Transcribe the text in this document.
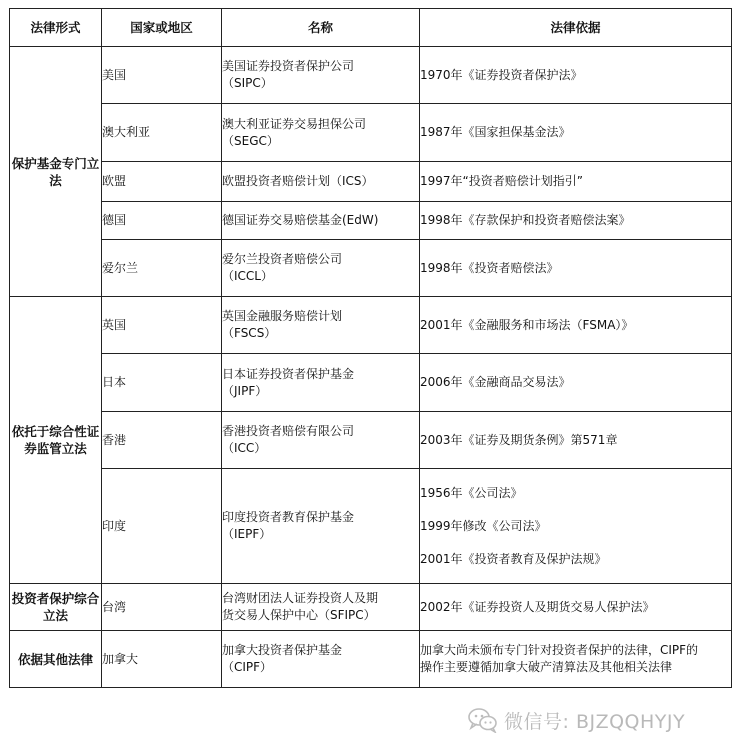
法律形式	国家或地区	名称	法律依据
保护基金专门立法	美国	美国证券投资者保护公司
（SIPC）	1970年《证券投资者保护法》

	澳大利亚	澳大利亚证券交易担保公司
（SEGC）	1987年《国家担保基金法》

	欧盟	欧盟投资者赔偿计划（ICS）	1997年“投资者赔偿计划指引”

	德国	德国证券交易赔偿基金(EdW)	1998年《存款保护和投资者赔偿法案》

	爱尔兰	爱尔兰投资者赔偿公司
（ICCL）	1998年《投资者赔偿法》

依托于综合性证券监管立法	英国	英国金融服务赔偿计划
（FSCS）	2001年《金融服务和市场法（FSMA）》

	日本	日本证券投资者保护基金
（JIPF）	2006年《金融商品交易法》

	香港	香港投资者赔偿有限公司
（ICC）	2003年《证券及期货条例》第571章

	印度	印度投资者教育保护基金
（IEPF）	1956年《公司法》
1999年修改《公司法》
2001年《投资者教育及保护法规》

投资者保护综合立法	台湾	台湾财团法人证券投资人及期
货交易人保护中心（SFIPC）	2002年《证券投资人及期货交易人保护法》

依据其他法律	加拿大	加拿大投资者保护基金
（CIPF）	加拿大尚未颁布专门针对投资者保护的法律，CIPF的
操作主要遵循加拿大破产清算法及其他相关法律
微信号: BJZQQHYJY
